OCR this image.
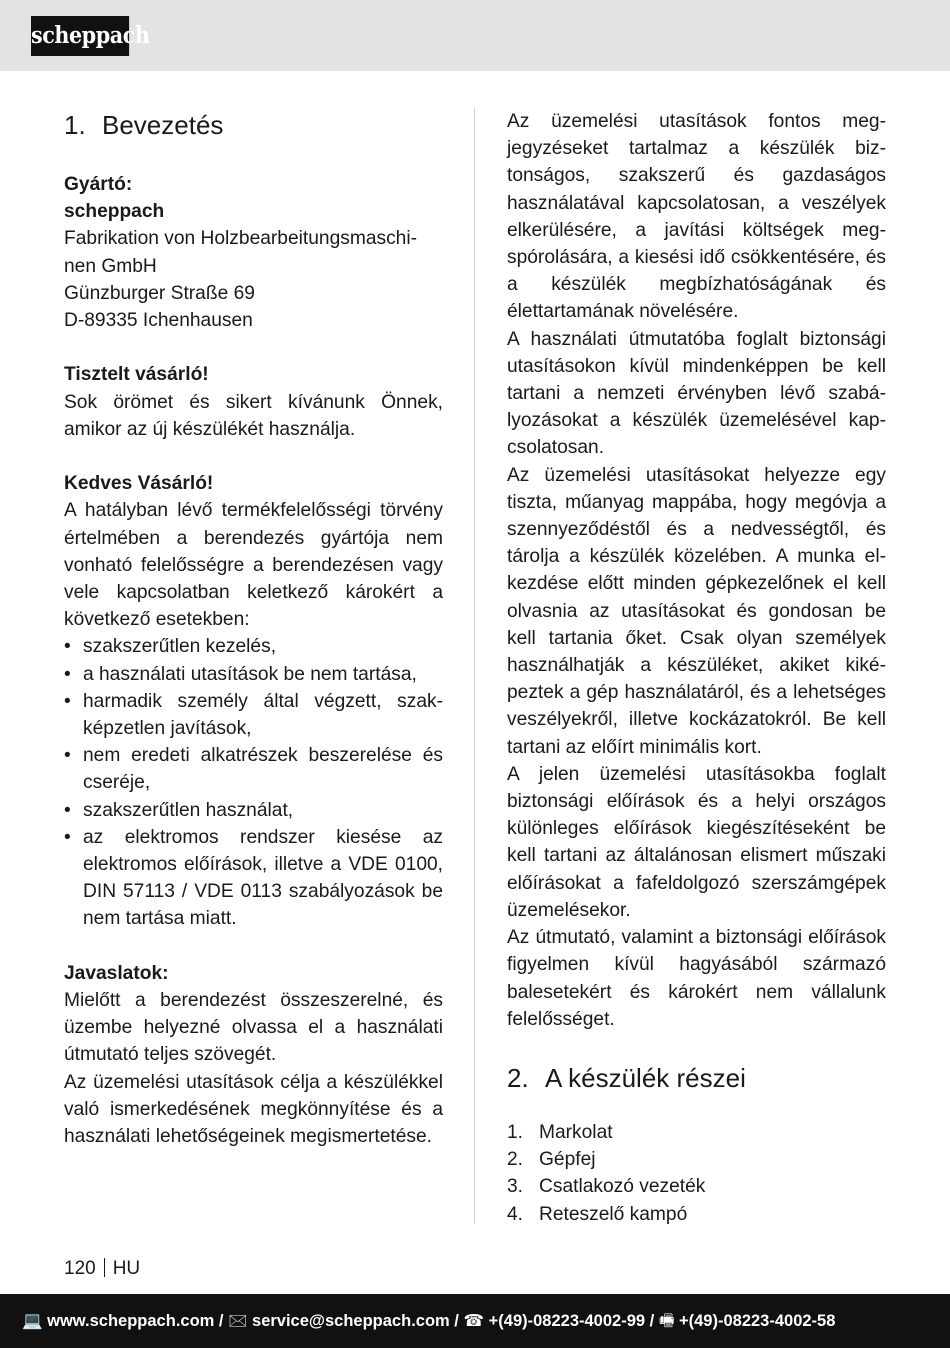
scheppach
1. Bevezetés

Gyártó:

scheppach

Fabrikation von Holzbearbeitungsmaschi-

nen GmbH

Günzburger Straße 69

D-89335 Ichenhausen

Tisztelt vásárló!

Sok örömet és sikert kívánunk Önnek, amikor az új készülékét használja.

Kedves Vásárló!

A hatályban lévő termékfelelősségi törvény értelmében a berendezés gyártója nem vonható felelősségre a berendezésen vagy vele kapcsolatban keletkező károkért a következő esetekben:

• szakszerűtlen kezelés,
• a használati utasítások be nem tartása,
• harmadik személy által végzett, szakképzetlen javítások,
• nem eredeti alkatrészek beszerelése és cseréje,
• szakszerűtlen használat,
• az elektromos rendszer kiesése az elektromos előírások, illetve a VDE 0100, DIN 57113 / VDE 0113 szabályozások be nem tartása miatt.

Javaslatok:

Mielőtt a berendezést összeszerelné, és üzembe helyezné olvassa el a használati útmutató teljes szövegét.

Az üzemelési utasítások célja a készülékkel való ismerkedésének megkönnyítése és a használati lehetőségeinek megismertetése.

Az üzemelési utasítások fontos megjegyzéseket tartalmaz a készülék biztonságos, szakszerű és gazdaságos használatával kapcsolatosan, a veszélyek elkerülésére, a javítási költségek megspórolására, a kiesési idő csökkentésére, és a készülék megbízhatóságának és élettartamának növelésére.

A használati útmutatóba foglalt biztonsági utasításokon kívül mindenképpen be kell tartani a nemzeti érvényben lévő szabályozásokat a készülék üzemelésével kapcsolatosan.

Az üzemelési utasításokat helyezze egy tiszta, műanyag mappába, hogy megóvja a szennyeződéstől és a nedvességtől, és tárolja a készülék közelében. A munka elkezdése előtt minden gépkezelőnek el kell olvasnia az utasításokat és gondosan be kell tartania őket. Csak olyan személyek használhatják a készüléket, akiket kiképeztek a gép használatáról, és a lehetséges veszélyekről, illetve kockázatokról. Be kell tartani az előírt minimális kort.

A jelen üzemelési utasításokba foglalt biztonsági előírások és a helyi országos különleges előírások kiegészítéseként be kell tartani az általánosan elismert műszaki előírásokat a fafeldolgozó szerszámgépek üzemelésekor.

Az útmutató, valamint a biztonsági előírások figyelmen kívül hagyásából származó balesetekért és károkért nem vállalunk felelősséget.

2. A készülék részei
1. Markolat
2. Gépfej
3. Csatlakozó vezeték
4. Reteszelő kampó
120 HU
💻 www.scheppach.com / 🖂 service@scheppach.com / ☎ +(49)-08223-4002-99 / 🖷 +(49)-08223-4002-58
